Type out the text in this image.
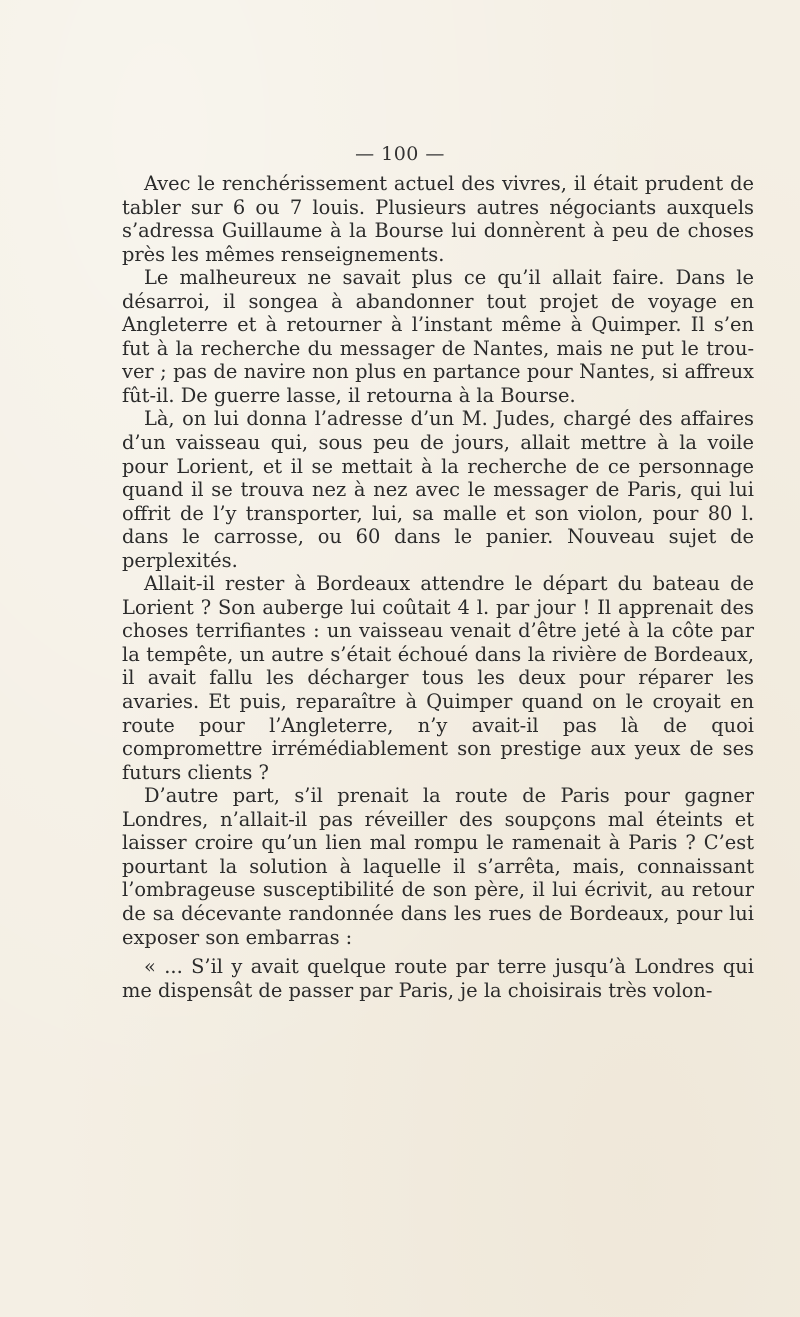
— 100 —

Avec le renchérissement actuel des vivres, il était prudent de tabler sur 6 ou 7 louis. Plusieurs autres négociants auxquels s’adressa Guillaume à la Bourse lui donnèrent à peu de choses près les mêmes renseignements.

Le malheureux ne savait plus ce qu’il allait faire. Dans le désarroi, il songea à abandonner tout projet de voyage en Angleterre et à retourner à l’instant même à Quimper. Il s’en fut à la recherche du messager de Nantes, mais ne put le trouver ; pas de navire non plus en partance pour Nantes, si affreux fût-il. De guerre lasse, il retourna à la Bourse.

Là, on lui donna l’adresse d’un M. Judes, chargé des affaires d’un vaisseau qui, sous peu de jours, allait mettre à la voile pour Lorient, et il se mettait à la recherche de ce personnage quand il se trouva nez à nez avec le messager de Paris, qui lui offrit de l’y transporter, lui, sa malle et son violon, pour 80 l. dans le carrosse, ou 60 dans le panier. Nouveau sujet de perplexités.

Allait-il rester à Bordeaux attendre le départ du bateau de Lorient ? Son auberge lui coûtait 4 l. par jour ! Il apprenait des choses terrifiantes : un vaisseau venait d’être jeté à la côte par la tempête, un autre s’était échoué dans la rivière de Bordeaux, il avait fallu les décharger tous les deux pour réparer les avaries. Et puis, reparaître à Quimper quand on le croyait en route pour l’Angleterre, n’y avait-il pas là de quoi compromettre irrémédiablement son prestige aux yeux de ses futurs clients ?

D’autre part, s’il prenait la route de Paris pour gagner Londres, n’allait-il pas réveiller des soupçons mal éteints et laisser croire qu’un lien mal rompu le ramenait à Paris ? C’est pourtant la solution à laquelle il s’arrêta, mais, connaissant l’ombrageuse susceptibilité de son père, il lui écrivit, au retour de sa décevante randonnée dans les rues de Bordeaux, pour lui exposer son embarras :

« ... S’il y avait quelque route par terre jusqu’à Londres qui me dispensât de passer par Paris, je la choisirais très volon-
